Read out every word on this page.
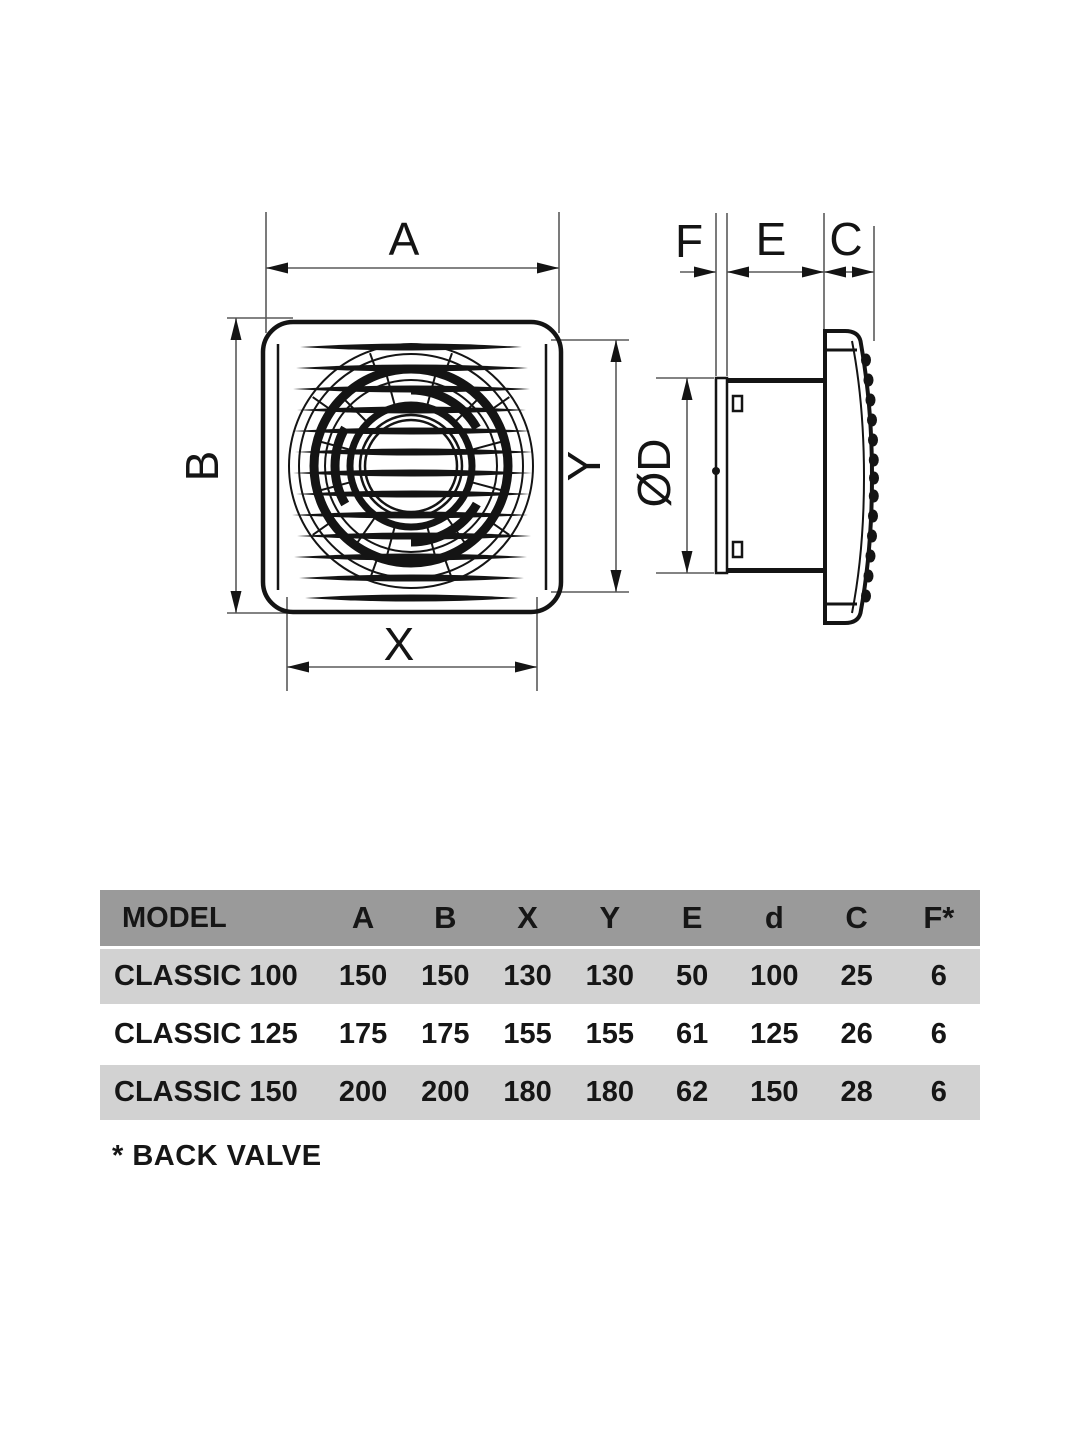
A
B
X
Y
F E C
ØD
MODEL	A	B	X	Y	E	d	C	F*
CLASSIC 100	150	150	130	130	50	100	25	6
CLASSIC 125	175	175	155	155	61	125	26	6
CLASSIC 150	200	200	180	180	62	150	28	6
* BACK VALVE
